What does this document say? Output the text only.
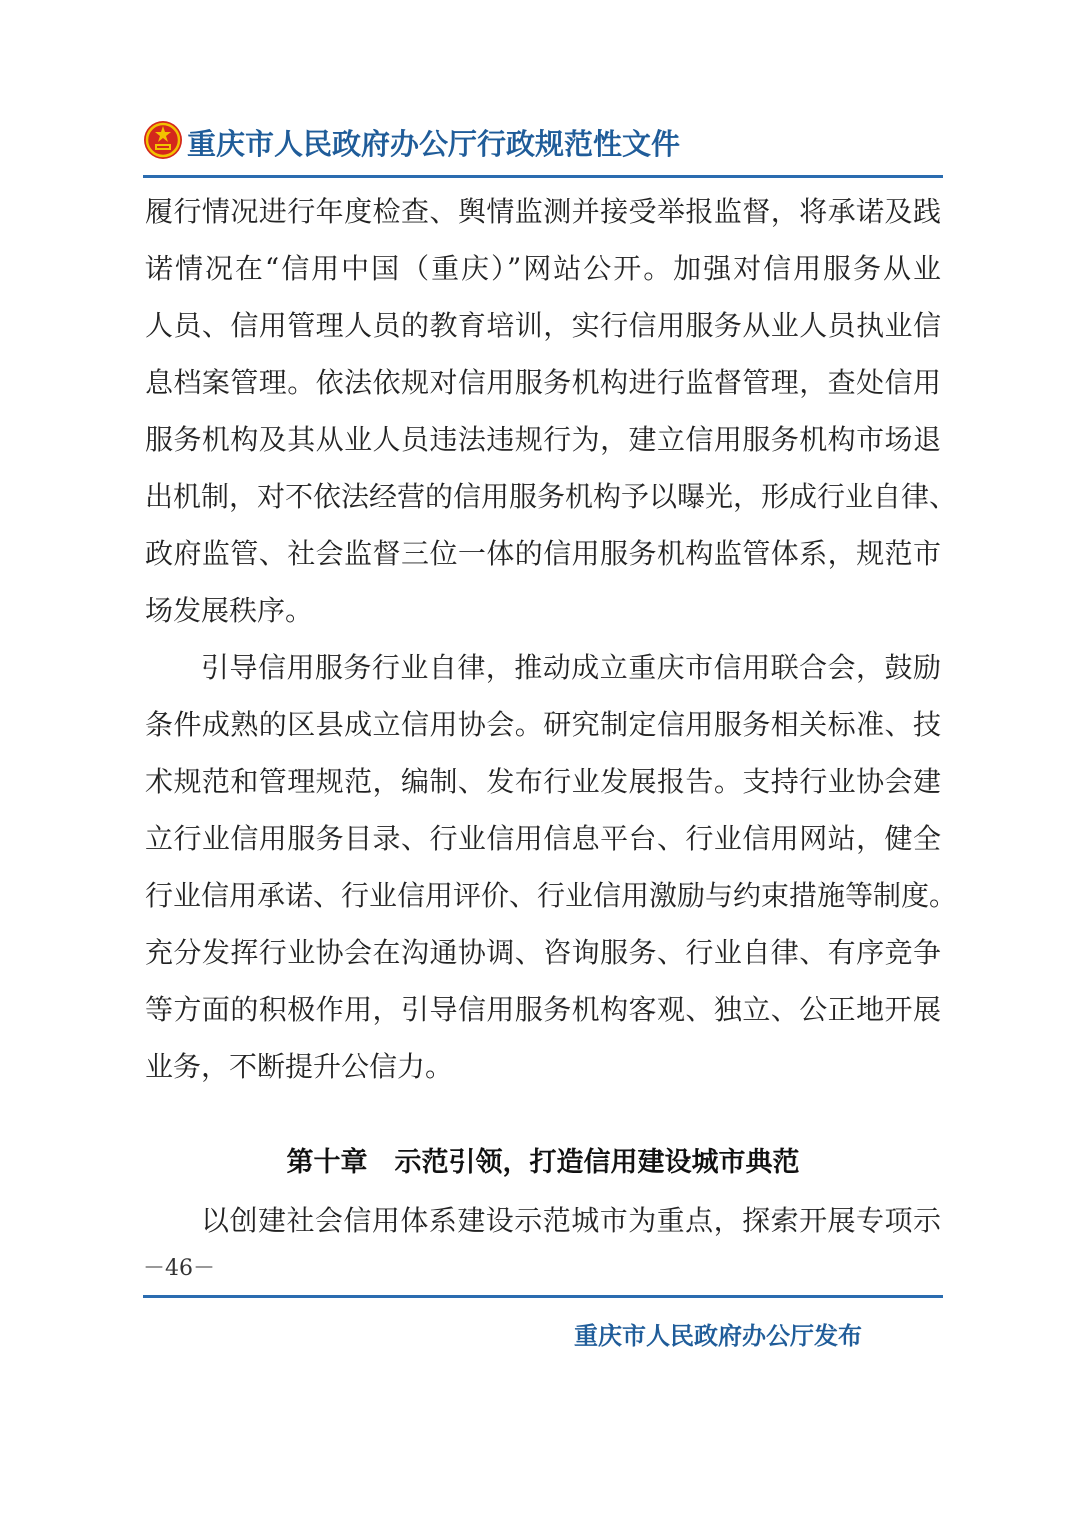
重庆市人民政府办公厅行政规范性文件
履行情况进行年度检查、舆情监测并接受举报监督，将承诺及践
诺情况在“信用中国（重庆）”网站公开。加强对信用服务从业
人员、信用管理人员的教育培训，实行信用服务从业人员执业信
息档案管理。依法依规对信用服务机构进行监督管理，查处信用
服务机构及其从业人员违法违规行为，建立信用服务机构市场退
出机制，对不依法经营的信用服务机构予以曝光，形成行业自律、
政府监管、社会监督三位一体的信用服务机构监管体系，规范市
场发展秩序。
引导信用服务行业自律，推动成立重庆市信用联合会，鼓励
条件成熟的区县成立信用协会。研究制定信用服务相关标准、技
术规范和管理规范，编制、发布行业发展报告。支持行业协会建
立行业信用服务目录、行业信用信息平台、行业信用网站，健全
行业信用承诺、行业信用评价、行业信用激励与约束措施等制度。
充分发挥行业协会在沟通协调、咨询服务、行业自律、有序竞争
等方面的积极作用，引导信用服务机构客观、独立、公正地开展
业务，不断提升公信力。
第十章　示范引领，打造信用建设城市典范
以创建社会信用体系建设示范城市为重点，探索开展专项示
－46－
重庆市人民政府办公厅发布
